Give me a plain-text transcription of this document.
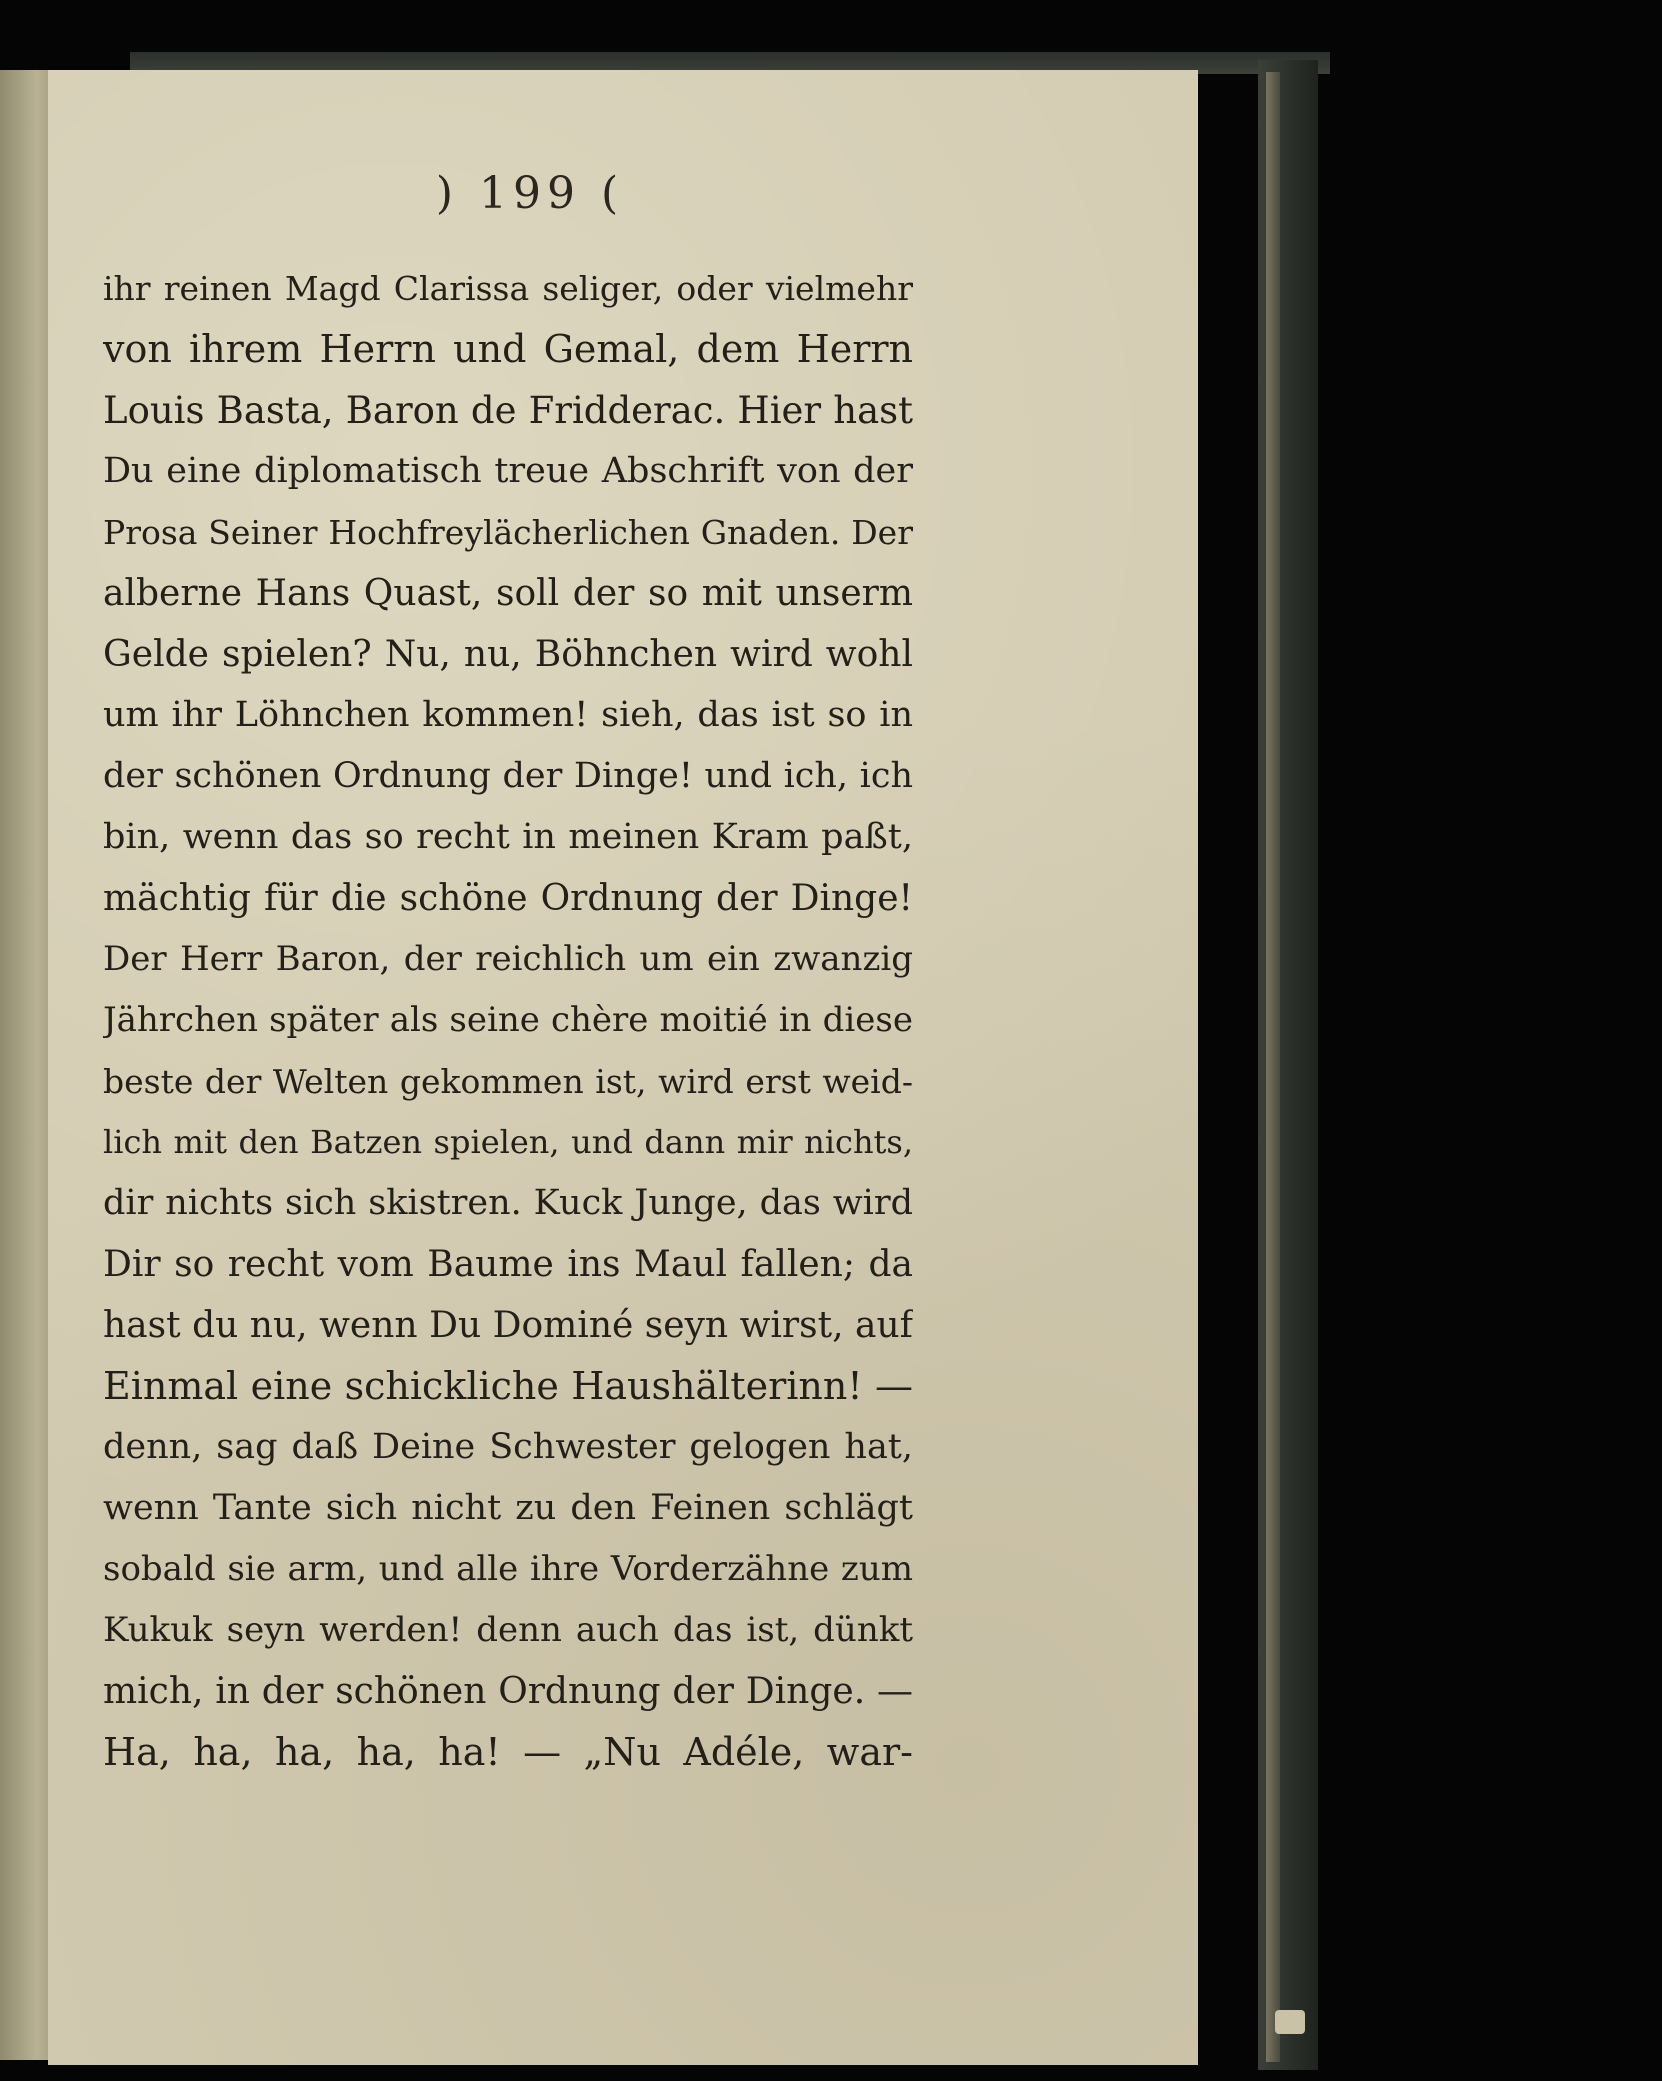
) 199 (
ihr reinen Magd Clarissa seliger, oder vielmehr
von ihrem Herrn und Gemal, dem Herrn
Louis Basta, Baron de Fridderac. Hier hast
Du eine diplomatisch treue Abschrift von der
Prosa Seiner Hochfreylächerlichen Gnaden. Der
alberne Hans Quast, soll der so mit unserm
Gelde spielen? Nu, nu, Böhnchen wird wohl
um ihr Löhnchen kommen! sieh, das ist so in
der schönen Ordnung der Dinge! und ich, ich
bin, wenn das so recht in meinen Kram paßt,
mächtig für die schöne Ordnung der Dinge!
Der Herr Baron, der reichlich um ein zwanzig
Jährchen später als seine chère moitié in diese
beste der Welten gekommen ist, wird erst weid-
lich mit den Batzen spielen, und dann mir nichts,
dir nichts sich skistren. Kuck Junge, das wird
Dir so recht vom Baume ins Maul fallen; da
hast du nu, wenn Du Dominé seyn wirst, auf
Einmal eine schickliche Haushälterinn! —
denn, sag daß Deine Schwester gelogen hat,
wenn Tante sich nicht zu den Feinen schlägt
sobald sie arm, und alle ihre Vorderzähne zum
Kukuk seyn werden! denn auch das ist, dünkt
mich, in der schönen Ordnung der Dinge. —
Ha, ha, ha, ha, ha! — „Nu Adéle, war-
